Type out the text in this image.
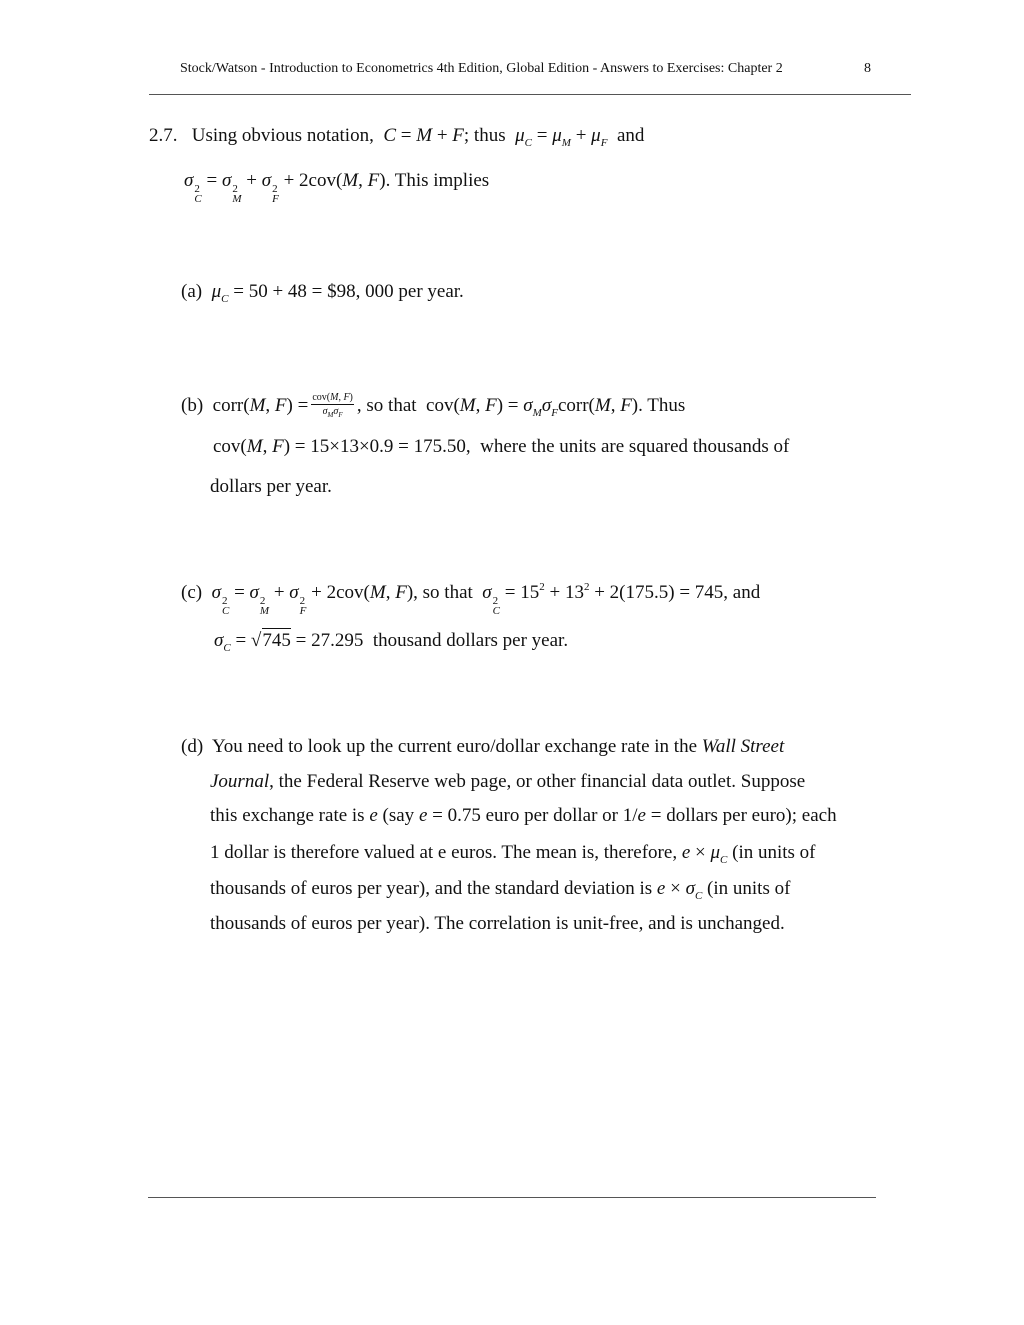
Stock/Watson - Introduction to Econometrics 4th Edition, Global Edition - Answers to Exercises: Chapter 2	8
2.7. Using obvious notation, C = M + F; thus $\mu_C = \mu_M + \mu_F$ and
σ 2
C
= σ 2
M
+ σ 2
F
+ 2cov(M, F). This implies
(a) $\mu_C = 50 + 48$ = $98, 000 per year.
(b) corr(M, $F) = \frac{\text{cov(M, F)}}{\sigma_M\sigma_F}$ , so that  cov(M, $F) = \sigma_M\sigma_Fcorr(M$, F). Thus
cov(M, F) = 15×13×0.9 = 175.50, where the units are squared thousands of
dollars per year.
(c) σ 2
C
= σ 2
M
+ σ 2
F
+ 2cov(M, F), so that σ 2
C
= $15^2 + 13^2 + 2(175.5) = 745$, and
$\sigma_C = √745 = 27.295$ thousand dollars per year.
(d) You need to look up the current euro/dollar exchange rate in the Wall Street
Journal, the Federal Reserve web page, or other financial data outlet. Suppose
this exchange rate is e (say e = 0.75 euro per dollar or 1/e = dollars per euro); each
1 dollar is therefore valued at e euros. The mean is, therefore, $e \times \mu_C$ (in units of
thousands of euros per year), and the standard deviation is $e \times \sigma_C$ (in units of
thousands of euros per year). The correlation is unit-free, and is unchanged.
